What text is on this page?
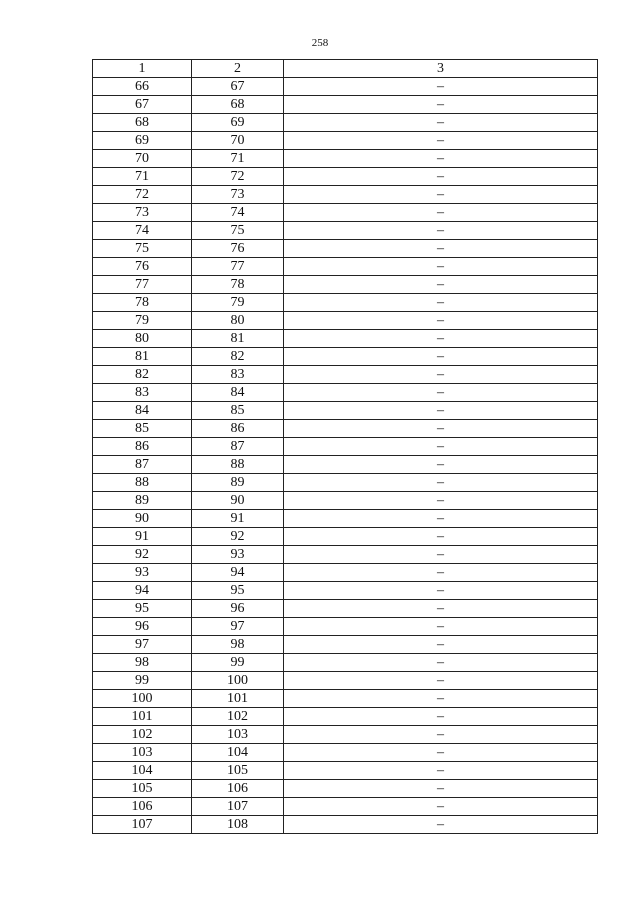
258
1	2	3
66	67	–
67	68	–
68	69	–
69	70	–
70	71	–
71	72	–
72	73	–
73	74	–
74	75	–
75	76	–
76	77	–
77	78	–
78	79	–
79	80	–
80	81	–
81	82	–
82	83	–
83	84	–
84	85	–
85	86	–
86	87	–
87	88	–
88	89	–
89	90	–
90	91	–
91	92	–
92	93	–
93	94	–
94	95	–
95	96	–
96	97	–
97	98	–
98	99	–
99	100	–
100	101	–
101	102	–
102	103	–
103	104	–
104	105	–
105	106	–
106	107	–
107	108	–
